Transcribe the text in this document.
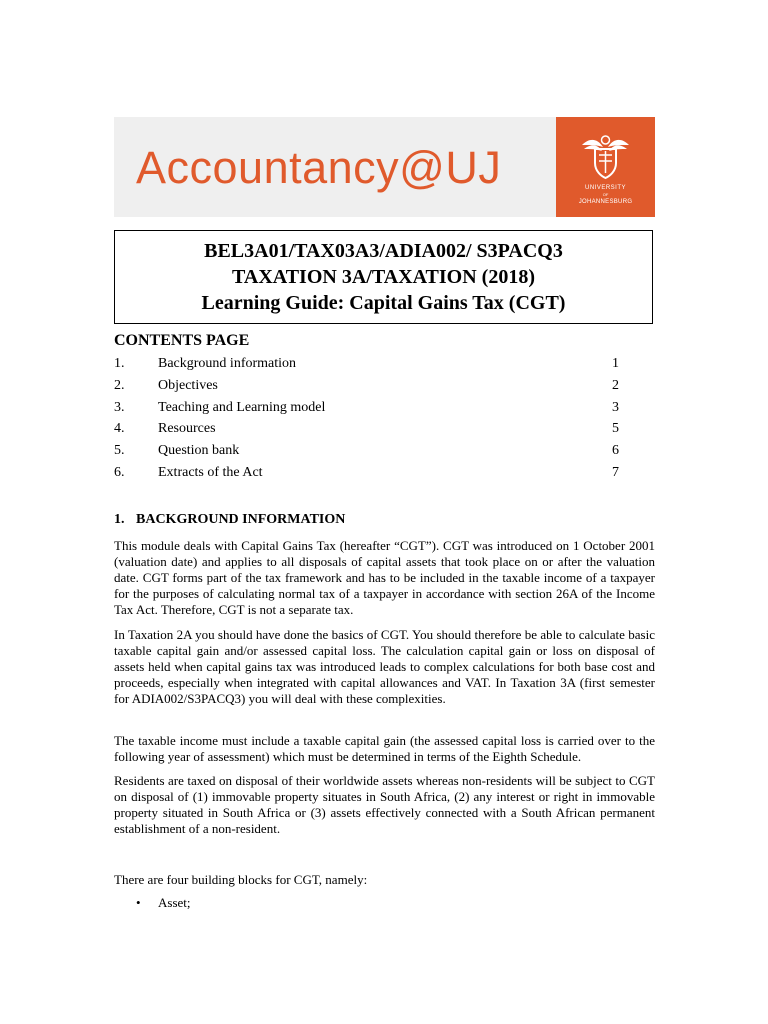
Accountancy@UJ	UNIVERSITY
OF
JOHANNESBURG
BEL3A01/TAX03A3/ADIA002/ S3PACQ3
TAXATION 3A/TAXATION (2018)
Learning Guide: Capital Gains Tax (CGT)
CONTENTS PAGE
1. Background information	1
2. Objectives	2
3. Teaching and Learning model	3
4. Resources	5
5. Question bank	6
6. Extracts of the Act	7
1. BACKGROUND INFORMATION

This module deals with Capital Gains Tax (hereafter “CGT”). CGT was introduced on 1 October 2001 (valuation date) and applies to all disposals of capital assets that took place on or after the valuation date. CGT forms part of the tax framework and has to be included in the taxable income of a taxpayer for the purposes of calculating normal tax of a taxpayer in accordance with section 26A of the Income Tax Act. Therefore, CGT is not a separate tax.

In Taxation 2A you should have done the basics of CGT. You should therefore be able to calculate basic taxable capital gain and/or assessed capital loss. The calculation capital gain or loss on disposal of assets held when capital gains tax was introduced leads to complex calculations for both base cost and proceeds, especially when integrated with capital allowances and VAT. In Taxation 3A (first semester for ADIA002/S3PACQ3) you will deal with these complexities.

The taxable income must include a taxable capital gain (the assessed capital loss is carried over to the following year of assessment) which must be determined in terms of the Eighth Schedule.

Residents are taxed on disposal of their worldwide assets whereas non-residents will be subject to CGT on disposal of (1) immovable property situates in South Africa, (2) any interest or right in immovable property situated in South Africa or (3) assets effectively connected with a South African permanent establishment of a non-resident.

There are four building blocks for CGT, namely:

• Asset;
